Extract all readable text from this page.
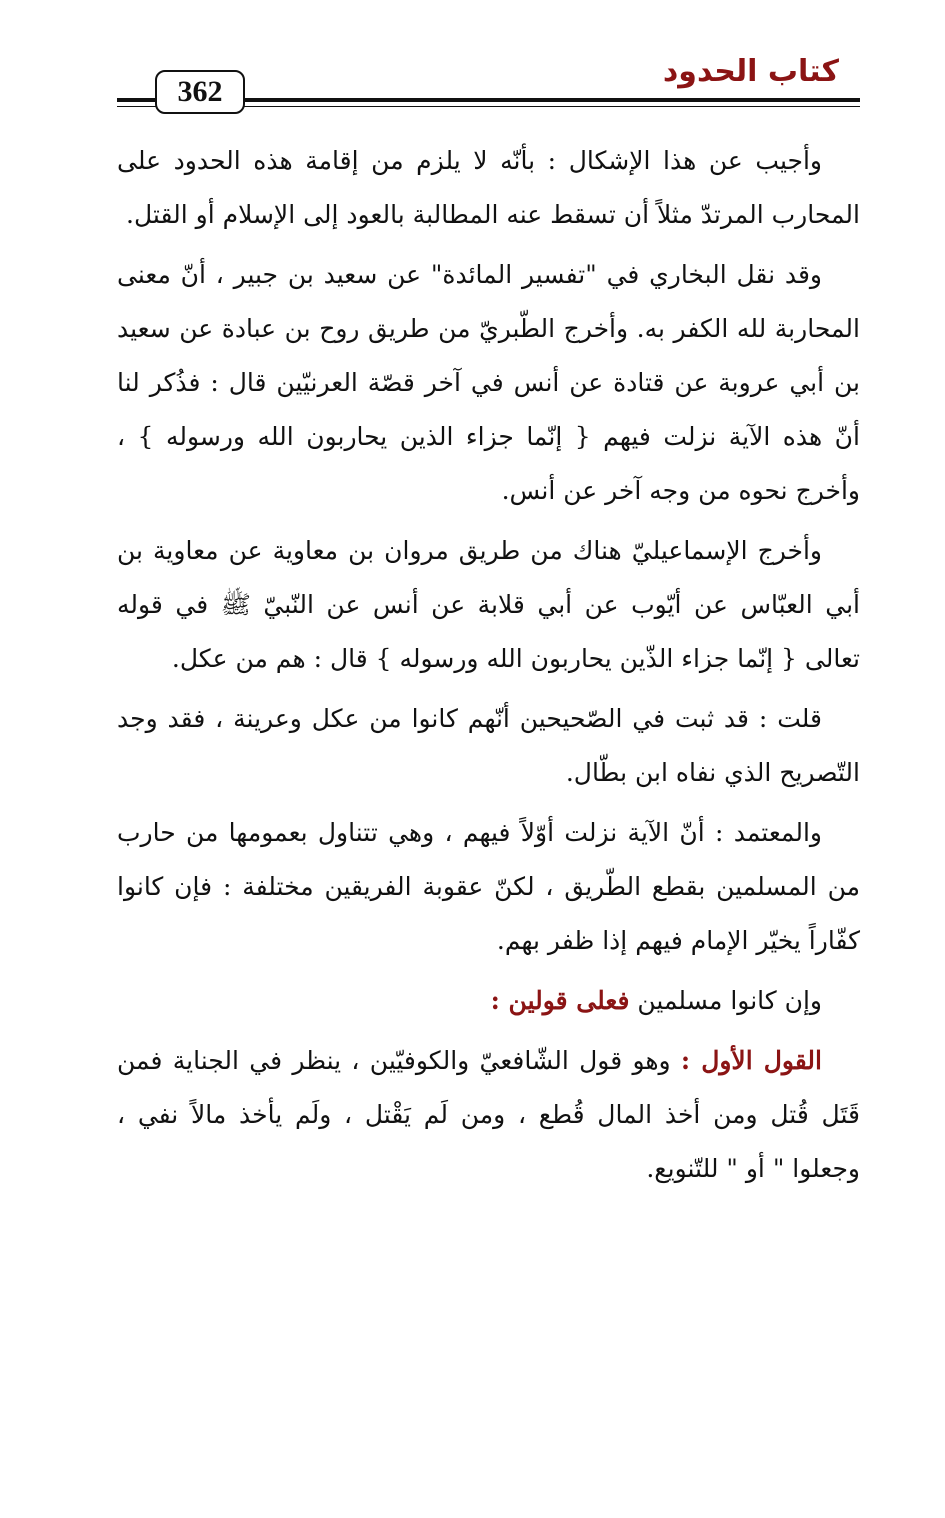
كتاب الحدود
362

وأجيب عن هذا الإشكال : بأنّه لا يلزم من إقامة هذه الحدود على المحارب المرتدّ مثلاً أن تسقط عنه المطالبة بالعود إلى الإسلام أو القتل.

وقد نقل البخاري في "تفسير المائدة" عن سعيد بن جبير ، أنّ معنى المحاربة لله الكفر به. وأخرج الطّبريّ من طريق روح بن عبادة عن سعيد بن أبي عروبة عن قتادة عن أنس في آخر قصّة العرنيّين قال : فذُكر لنا أنّ هذه الآية نزلت فيهم { إنّما جزاء الذين يحاربون الله ورسوله } ، وأخرج نحوه من وجه آخر عن أنس.

وأخرج الإسماعيليّ هناك من طريق مروان بن معاوية عن معاوية بن أبي العبّاس عن أيّوب عن أبي قلابة عن أنس عن النّبيّ ﷺ في قوله تعالى { إنّما جزاء الذّين يحاربون الله ورسوله } قال : هم من عكل.

قلت : قد ثبت في الصّحيحين أنّهم كانوا من عكل وعرينة ، فقد وجد التّصريح الذي نفاه ابن بطّال.

والمعتمد : أنّ الآية نزلت أوّلاً فيهم ، وهي تتناول بعمومها من حارب من المسلمين بقطع الطّريق ، لكنّ عقوبة الفريقين مختلفة : فإن كانوا كفّاراً يخيّر الإمام فيهم إذا ظفر بهم.

وإن كانوا مسلمين فعلى قولين :

القول الأول : وهو قول الشّافعيّ والكوفيّين ، ينظر في الجناية فمن قَتَل قُتل ومن أخذ المال قُطع ، ومن لَم يَقْتل ، ولَم يأخذ مالاً نفي ، وجعلوا " أو " للتّنويع.
